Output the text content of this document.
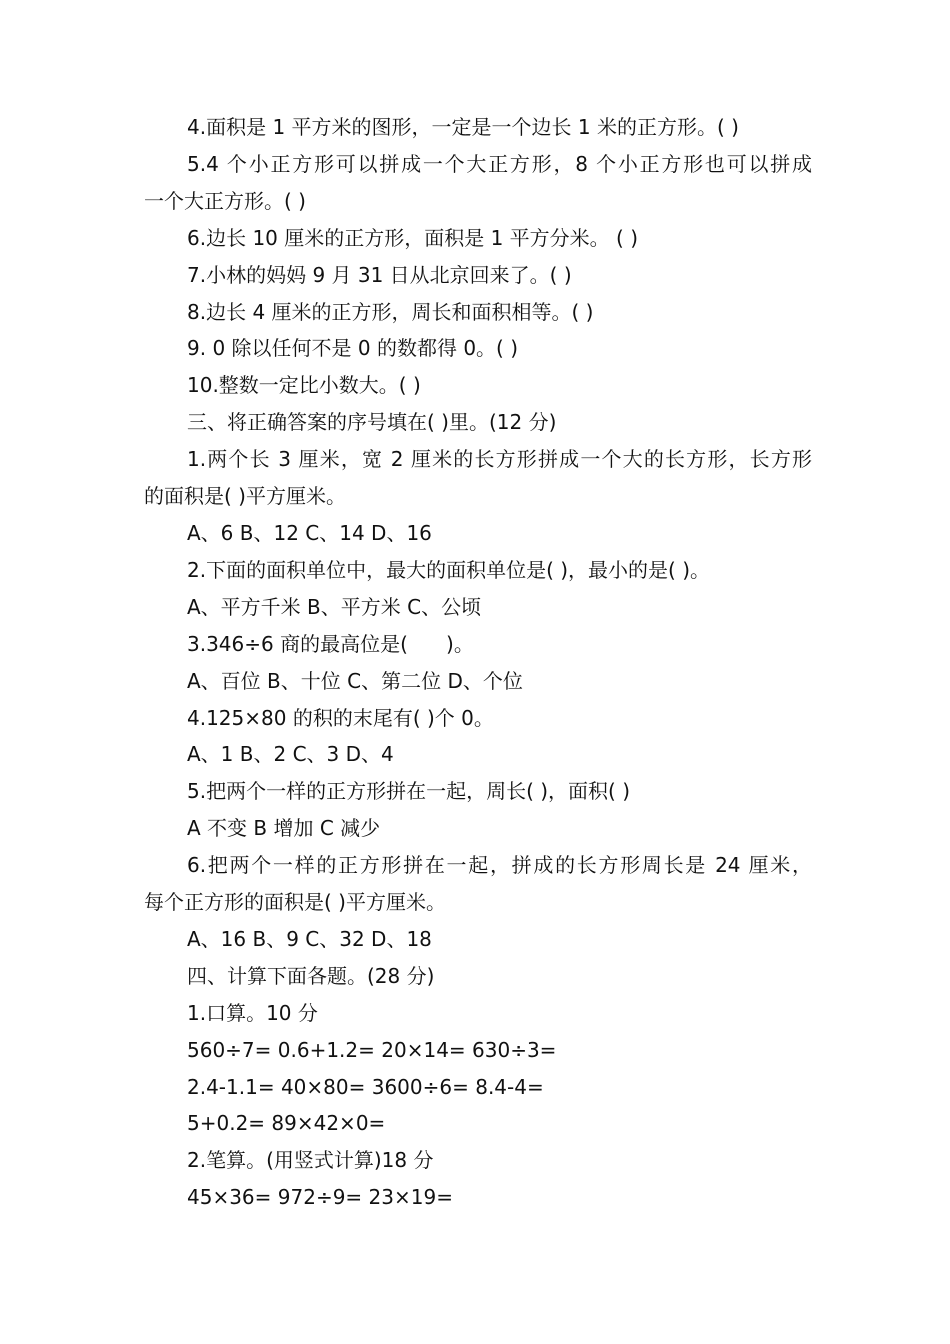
4.面积是 1 平方米的图形，一定是一个边长 1 米的正方形。( )

5.4 个小正方形可以拼成一个大正方形，8 个小正方形也可以拼成

一个大正方形。( )

6.边长 10 厘米的正方形，面积是 1 平方分米。 ( )

7.小林的妈妈 9 月 31 日从北京回来了。( )

8.边长 4 厘米的正方形，周长和面积相等。( )

9. 0 除以任何不是 0 的数都得 0。( )

10.整数一定比小数大。( )

三、将正确答案的序号填在( )里。(12 分)

1.两个长 3 厘米，宽 2 厘米的长方形拼成一个大的长方形，长方形

的面积是( )平方厘米。

A、6 B、12 C、14 D、16

2.下面的面积单位中，最大的面积单位是( )，最小的是( )。

A、平方千米 B、平方米 C、公顷

3.346÷6 商的最高位是(      )。

A、百位 B、十位 C、第二位 D、个位

4.125×80 的积的末尾有( )个 0。

A、1 B、2 C、3 D、4

5.把两个一样的正方形拼在一起，周长( )，面积( )

A 不变 B 增加 C 减少

6.把两个一样的正方形拼在一起，拼成的长方形周长是 24 厘米，

每个正方形的面积是( )平方厘米。

A、16 B、9 C、32 D、18

四、计算下面各题。(28 分)

1.口算。10 分

560÷7= 0.6+1.2= 20×14= 630÷3=

2.4-1.1= 40×80= 3600÷6= 8.4-4=

5+0.2= 89×42×0=

2.笔算。(用竖式计算)18 分

45×36= 972÷9= 23×19=
